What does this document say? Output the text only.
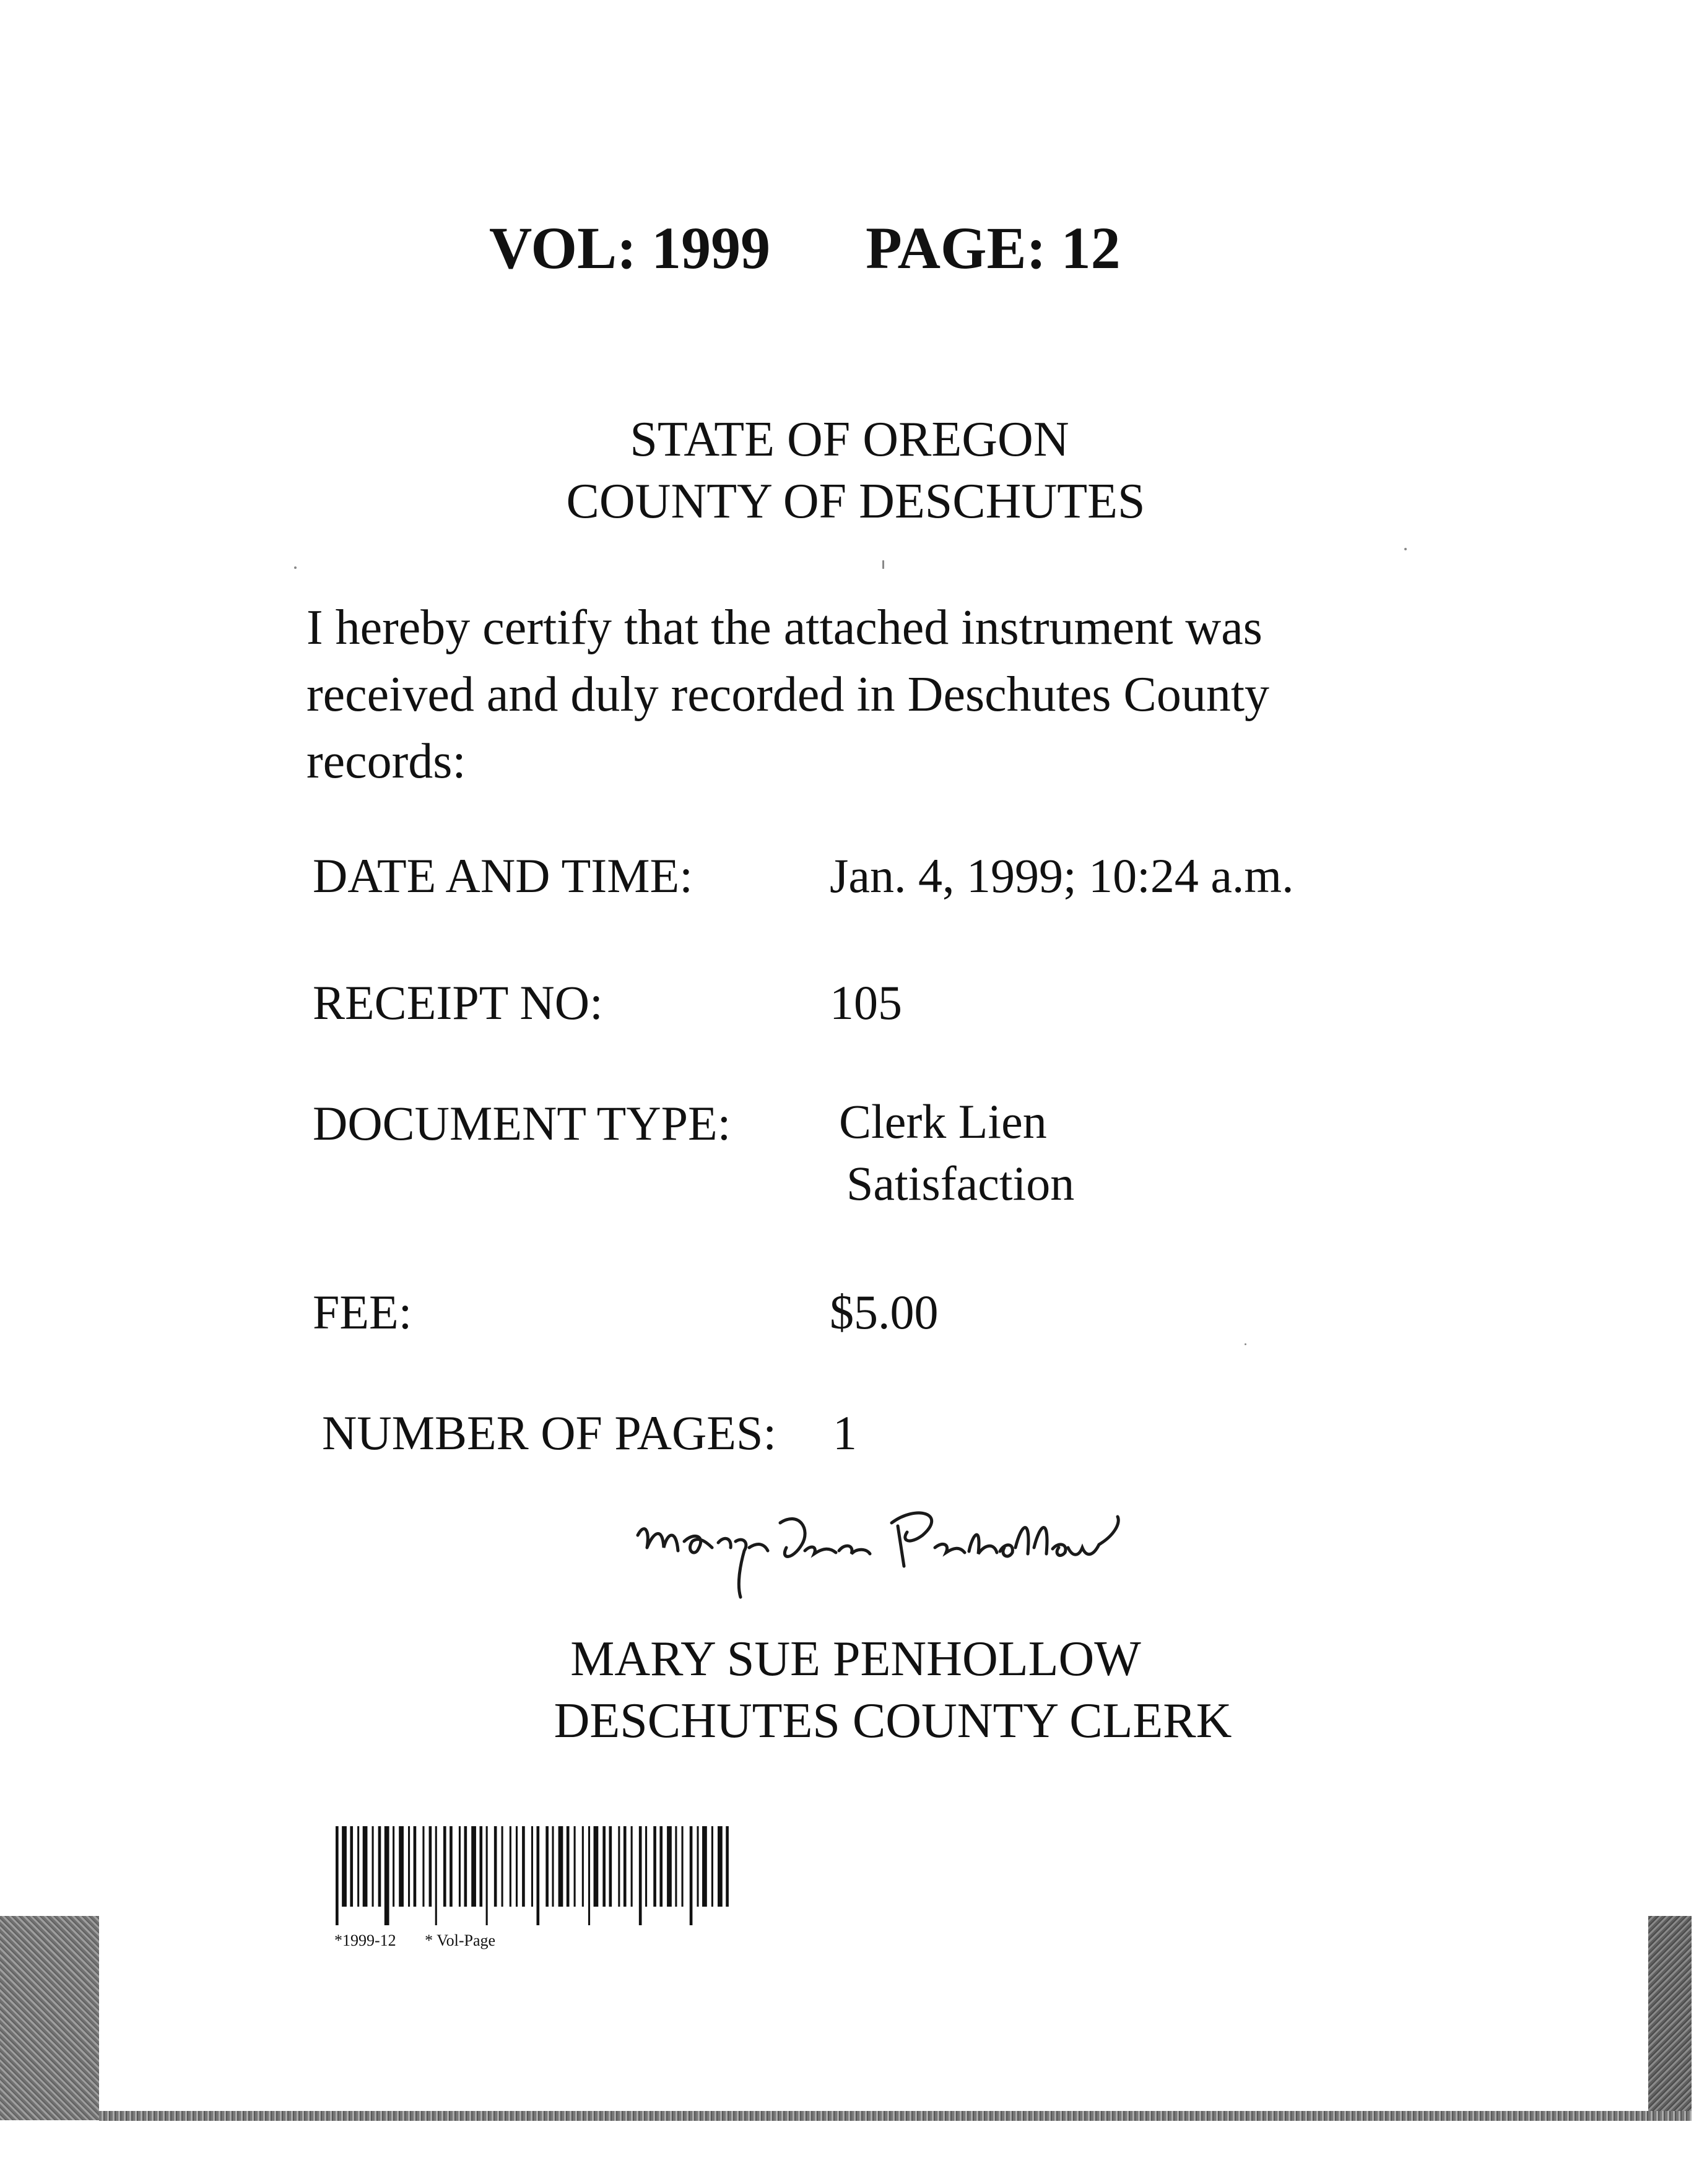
VOL: 1999 PAGE: 12
STATE OF OREGON
COUNTY OF DESCHUTES
I hereby certify that the attached instrument was
received and duly recorded in Deschutes County
records:
DATE AND TIME:	Jan. 4, 1999; 10:24 a.m.
RECEIPT NO:	105
DOCUMENT TYPE: Clerk Lien
Satisfaction
FEE:	$5.00
NUMBER OF PAGES: 1
MARY SUE PENHOLLOW
DESCHUTES COUNTY CLERK
*1999-12 * Vol-Page
